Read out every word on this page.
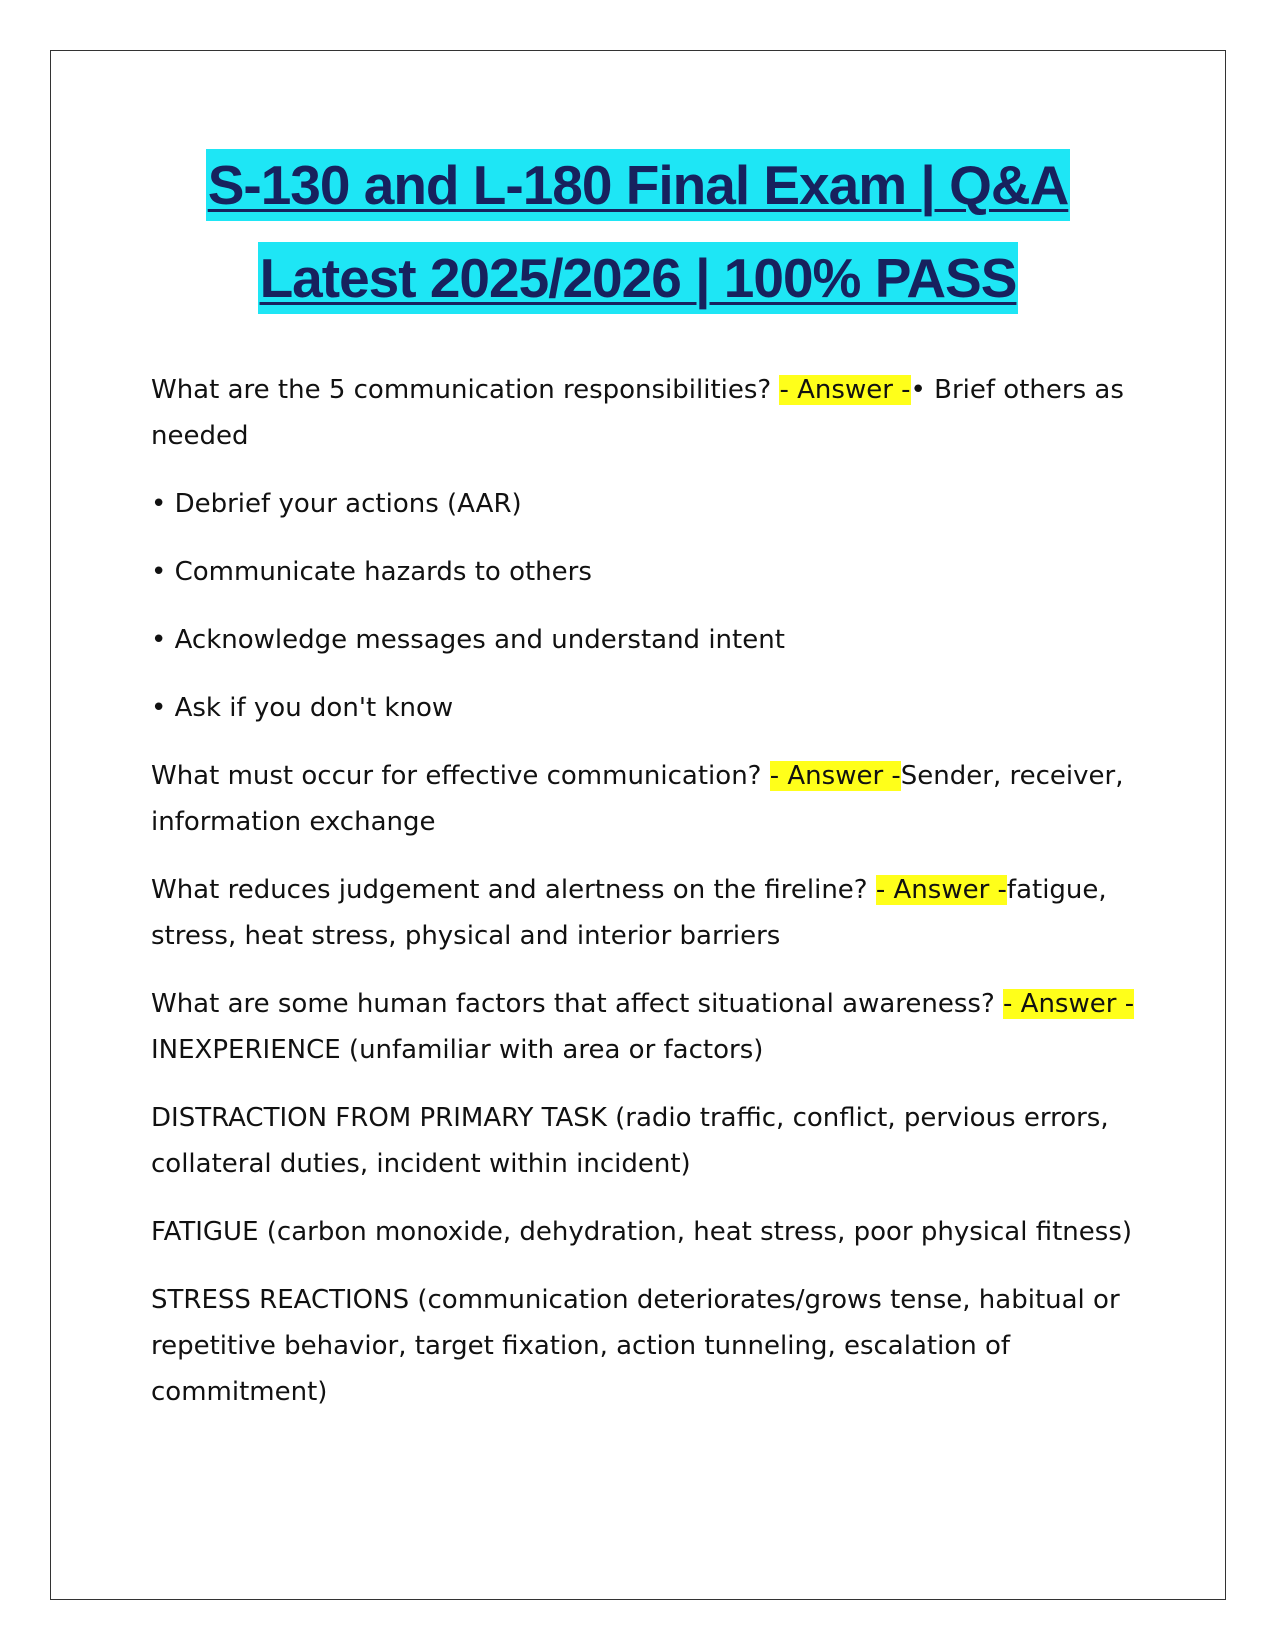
S-130 and L-180 Final Exam | Q&A
Latest 2025/2026 | 100% PASS

What are the 5 communication responsibilities? - Answer -• Brief others as needed

• Debrief your actions (AAR)

• Communicate hazards to others

• Acknowledge messages and understand intent

• Ask if you don't know

What must occur for effective communication? - Answer -Sender, receiver, information exchange

What reduces judgement and alertness on the fireline? - Answer -fatigue, stress, heat stress, physical and interior barriers

What are some human factors that affect situational awareness? - Answer -INEXPERIENCE (unfamiliar with area or factors)

DISTRACTION FROM PRIMARY TASK (radio traffic, conflict, pervious errors, collateral duties, incident within incident)

FATIGUE (carbon monoxide, dehydration, heat stress, poor physical fitness)

STRESS REACTIONS (communication deteriorates/grows tense, habitual or repetitive behavior, target fixation, action tunneling, escalation of commitment)
